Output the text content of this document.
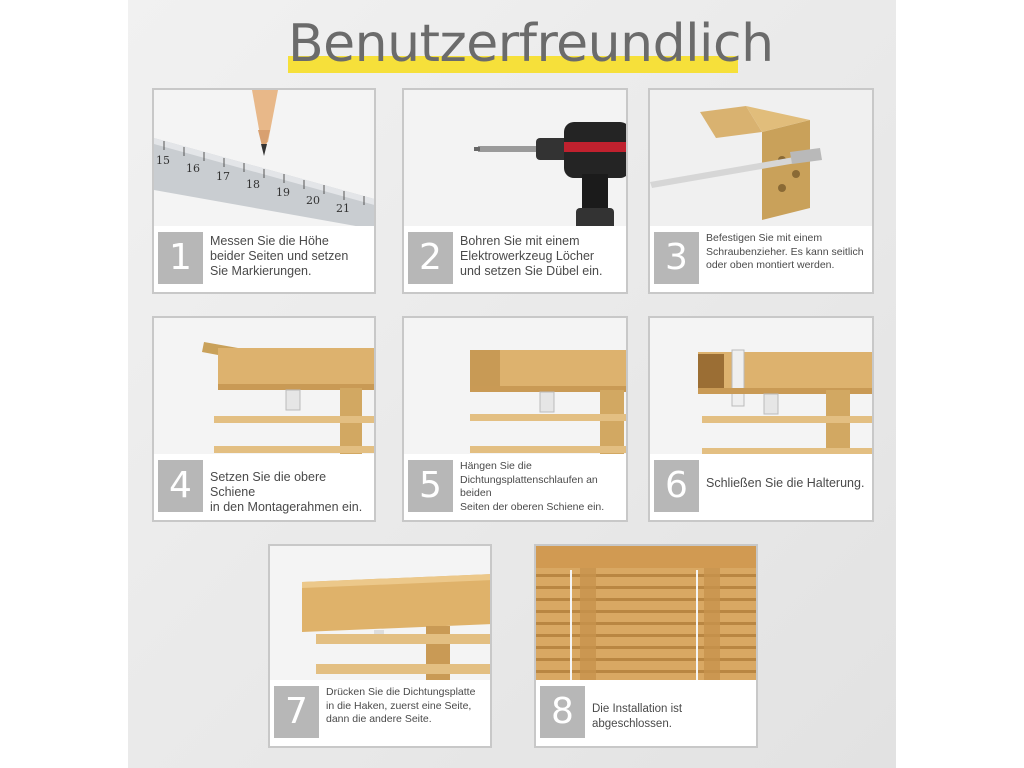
Benutzerfreundlich
15
16
17
18
19
20
21
1	Messen Sie die Höhe
beider Seiten und setzen
Sie Markierungen.	2	Bohren Sie mit einem
Elektrowerkzeug Löcher
und setzen Sie Dübel ein.	3	Befestigen Sie mit einem
Schraubenzieher. Es kann seitlich
oder oben montiert werden.
4	Setzen Sie die obere Schiene
in den Montagerahmen ein.
5	Hängen Sie die
Dichtungsplattenschlaufen an beiden
Seiten der oberen Schiene ein.
6	Schließen Sie die Halterung.
7	Drücken Sie die Dichtungsplatte
in die Haken, zuerst eine Seite,
dann die andere Seite.	8	Die Installation ist abgeschlossen.
